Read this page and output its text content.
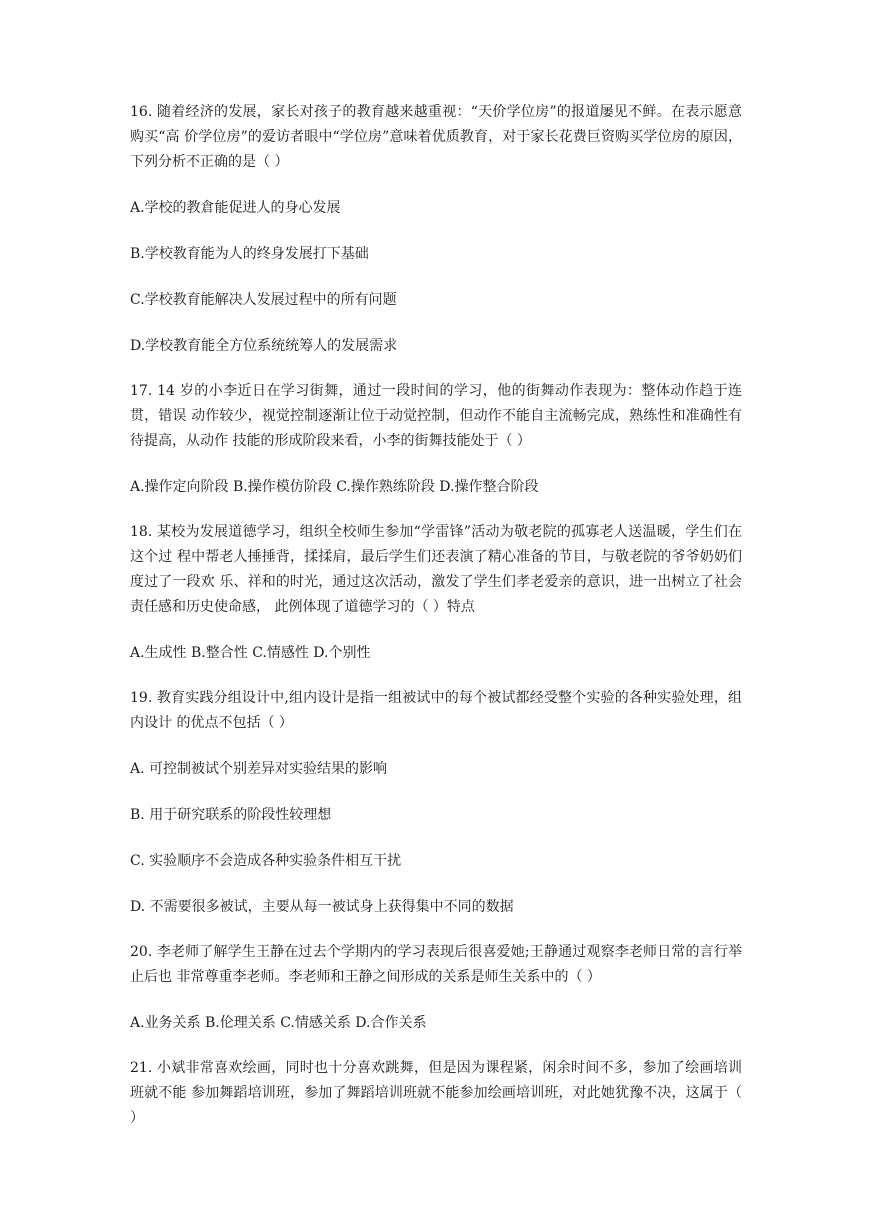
16. 随着经济的发展，家长对孩子的教育越来越重视：“天价学位房”的报道屡见不鲜。在表示愿意购买“高 价学位房”的爱访者眼中“学位房”意味着优质教育，对于家长花费巨资购买学位房的原因，下列分析不正确的是（ ）

A.学校的教倉能促进人的身心发展

B.学校教育能为人的终身发展打下基础

C.学校教育能解决人发展过程中的所有问题

D.学校教育能全方位系统统筹人的发展需求

17. 14 岁的小李近日在学习街舞，通过一段时间的学习，他的街舞动作表现为：整体动作趋于连贯，错误 动作较少，视觉控制逐渐让位于动觉控制，但动作不能自主流畅完成，熟练性和准确性有待提高，从动作 技能的形成阶段来看，小李的街舞技能处于（ ）

A.操作定向阶段 B.操作模仿阶段 C.操作熟练阶段 D.操作整合阶段

18. 某校为发展道德学习，组织全校师生参加“学雷锋”活动为敬老院的孤寡老人送温暖，学生们在这个过 程中帮老人捶捶背，揉揉肩，最后学生们还表演了精心准备的节目，与敬老院的爷爷奶奶们度过了一段欢 乐、祥和的时光，通过这次活动，激发了学生们孝老爱亲的意识，进一出树立了社会责任感和历史使命感， 此例体现了道德学习的（ ）特点

A.生成性 B.整合性 C.情感性 D.个别性

19. 教育实践分组设计中,组内设计是指一组被试中的每个被试都经受整个实验的各种实验处理，组内设计 的优点不包括（ ）

A. 可控制被试个别差异对实验结果的影响

B. 用于研究联系的阶段性较理想

C. 实验顺序不会造成各种实验条件相互干扰

D. 不需要很多被试，主要从每一被试身上获得集中不同的数据

20. 李老师了解学生王静在过去个学期内的学习表现后很喜爱她;王静通过观察李老师日常的言行举止后也 非常尊重李老师。李老师和王静之间形成的关系是师生关系中的（ ）

A.业务关系 B.伦理关系 C.情感关系 D.合作关系

21. 小斌非常喜欢绘画，同时也十分喜欢跳舞，但是因为课程紧，闲余时间不多，参加了绘画培训班就不能 参加舞蹈培训班，参加了舞蹈培训班就不能参加绘画培训班，对此她犹豫不决，这属于（ ）
